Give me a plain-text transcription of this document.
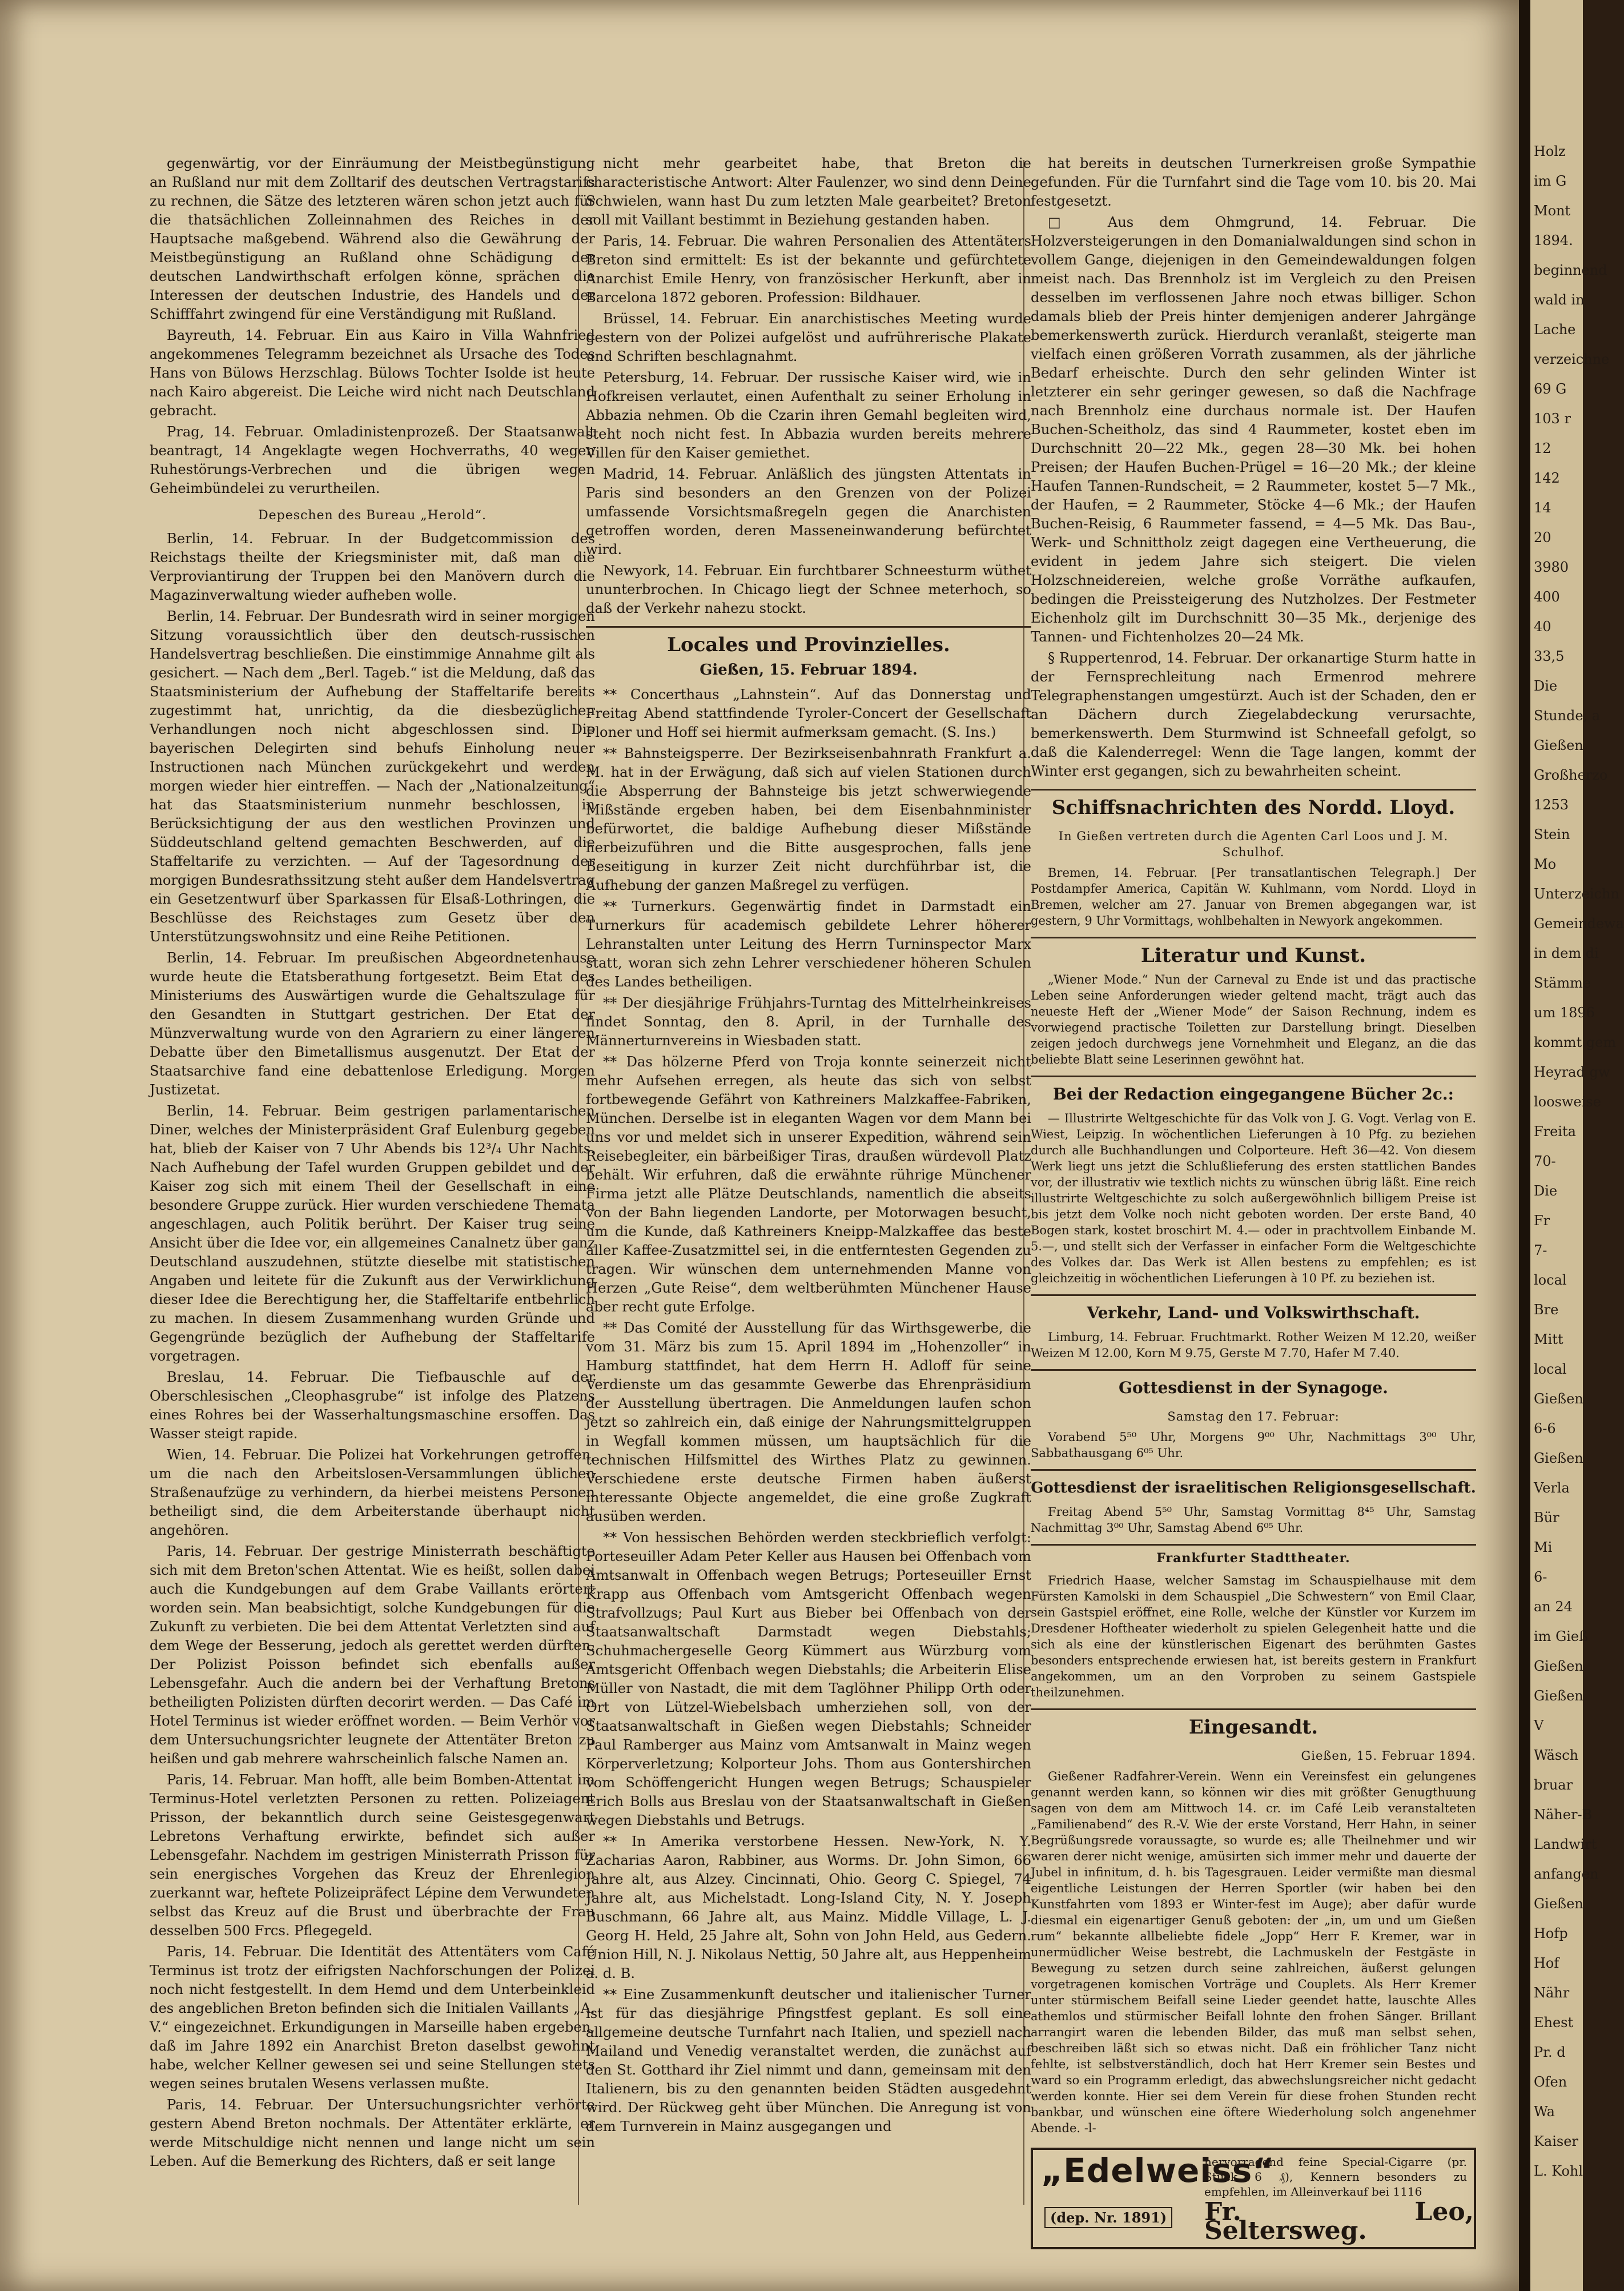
Holz
im G
Mont
1894.
beginnend
wald in
Lache
verzeichne
69 G
103 r
12
142
14
20
3980
400
40
33,5
Die
Stunde, a
Gießen
Großherzo
1253
Stein
Mo
Unterzeichn
Gemeindewa
in dem di
Stämme
um 1896
kommt gem
Heyrad gw
loosweise
Freita
70-
Die
Fr
7-
local
Bre
Mitt
local
Gießen
6-6
Gießen
Verla
Bür
Mi
6-
an 24
im Gieß
Gießen
Gießen
V
Wäsch
bruar
Näher-B
Landwirt
anfangen
Gießen
Hofp
Hof
Nähr
Ehest
Pr. d
Ofen
Wa
Kaiser
L. Kohl

gegenwärtig, vor der Einräumung der Meistbegünstigung an Rußland nur mit dem Zolltarif des deutschen Vertragstarifs zu rechnen, die Sätze des letzteren wären schon jetzt auch für die thatsächlichen Zolleinnahmen des Reiches in der Hauptsache maßgebend. Während also die Gewährung der Meistbegünstigung an Rußland ohne Schädigung der deutschen Landwirthschaft erfolgen könne, sprächen die Interessen der deutschen Industrie, des Handels und der Schifffahrt zwingend für eine Verständigung mit Rußland.

Bayreuth, 14. Februar. Ein aus Kairo in Villa Wahnfried angekommenes Telegramm bezeichnet als Ursache des Todes Hans von Bülows Herzschlag. Bülows Tochter Isolde ist heute nach Kairo abgereist. Die Leiche wird nicht nach Deutschland gebracht.

Prag, 14. Februar. Omladinistenprozeß. Der Staatsanwalt beantragt, 14 Angeklagte wegen Hochverraths, 40 wegen Ruhestörungs-Verbrechen und die übrigen wegen Geheimbündelei zu verurtheilen.

Depeschen des Bureau „Herold“.

Berlin, 14. Februar. In der Budgetcommission des Reichstags theilte der Kriegsminister mit, daß man die Verproviantirung der Truppen bei den Manövern durch die Magazinverwaltung wieder aufheben wolle.

Berlin, 14. Februar. Der Bundesrath wird in seiner morgigen Sitzung voraussichtlich über den deutsch-russischen Handelsvertrag beschließen. Die einstimmige Annahme gilt als gesichert. — Nach dem „Berl. Tageb.“ ist die Meldung, daß das Staatsministerium der Aufhebung der Staffeltarife bereits zugestimmt hat, unrichtig, da die diesbezüglichen Verhandlungen noch nicht abgeschlossen sind. Die bayerischen Delegirten sind behufs Einholung neuer Instructionen nach München zurückgekehrt und werden morgen wieder hier eintreffen. — Nach der „Nationalzeitung“ hat das Staatsministerium nunmehr beschlossen, in Berücksichtigung der aus den westlichen Provinzen und Süddeutschland geltend gemachten Beschwerden, auf die Staffeltarife zu verzichten. — Auf der Tagesordnung der morgigen Bundesrathssitzung steht außer dem Handelsvertrag ein Gesetzentwurf über Sparkassen für Elsaß-Lothringen, die Beschlüsse des Reichstages zum Gesetz über den Unterstützungswohnsitz und eine Reihe Petitionen.

Berlin, 14. Februar. Im preußischen Abgeordnetenhause wurde heute die Etatsberathung fortgesetzt. Beim Etat des Ministeriums des Auswärtigen wurde die Gehaltszulage für den Gesandten in Stuttgart gestrichen. Der Etat der Münzverwaltung wurde von den Agrariern zu einer längeren Debatte über den Bimetallismus ausgenutzt. Der Etat der Staatsarchive fand eine debattenlose Erledigung. Morgen Justizetat.

Berlin, 14. Februar. Beim gestrigen parlamentarischen Diner, welches der Ministerpräsident Graf Eulenburg gegeben hat, blieb der Kaiser von 7 Uhr Abends bis 12³/₄ Uhr Nachts. Nach Aufhebung der Tafel wurden Gruppen gebildet und der Kaiser zog sich mit einem Theil der Gesellschaft in eine besondere Gruppe zurück. Hier wurden verschiedene Themata angeschlagen, auch Politik berührt. Der Kaiser trug seine Ansicht über die Idee vor, ein allgemeines Canalnetz über ganz Deutschland auszudehnen, stützte dieselbe mit statistischen Angaben und leitete für die Zukunft aus der Verwirklichung dieser Idee die Berechtigung her, die Staffeltarife entbehrlich zu machen. In diesem Zusammenhang wurden Gründe und Gegengründe bezüglich der Aufhebung der Staffeltarife vorgetragen.

Breslau, 14. Februar. Die Tiefbauschle auf der Oberschlesischen „Cleophasgrube“ ist infolge des Platzens eines Rohres bei der Wasserhaltungsmaschine ersoffen. Das Wasser steigt rapide.

Wien, 14. Februar. Die Polizei hat Vorkehrungen getroffen, um die nach den Arbeitslosen-Versammlungen üblichen Straßenaufzüge zu verhindern, da hierbei meistens Personen betheiligt sind, die dem Arbeiterstande überhaupt nicht angehören.

Paris, 14. Februar. Der gestrige Ministerrath beschäftigte sich mit dem Breton'schen Attentat. Wie es heißt, sollen dabei auch die Kundgebungen auf dem Grabe Vaillants erörtert worden sein. Man beabsichtigt, solche Kundgebungen für die Zukunft zu verbieten. Die bei dem Attentat Verletzten sind auf dem Wege der Besserung, jedoch als gerettet werden dürften. Der Polizist Poisson befindet sich ebenfalls außer Lebensgefahr. Auch die andern bei der Verhaftung Bretons betheiligten Polizisten dürften decorirt werden. — Das Café im Hotel Terminus ist wieder eröffnet worden. — Beim Verhör vor dem Untersuchungsrichter leugnete der Attentäter Breton zu heißen und gab mehrere wahrscheinlich falsche Namen an.

Paris, 14. Februar. Man hofft, alle beim Bomben-Attentat im Terminus-Hotel verletzten Personen zu retten. Polizeiagent Prisson, der bekanntlich durch seine Geistesgegenwart Lebretons Verhaftung erwirkte, befindet sich außer Lebensgefahr. Nachdem im gestrigen Ministerrath Prisson für sein energisches Vorgehen das Kreuz der Ehrenlegion zuerkannt war, heftete Polizeipräfect Lépine dem Verwundeten selbst das Kreuz auf die Brust und überbrachte der Frau desselben 500 Frcs. Pflegegeld.

Paris, 14. Februar. Die Identität des Attentäters vom Café Terminus ist trotz der eifrigsten Nachforschungen der Polizei noch nicht festgestellt. In dem Hemd und dem Unterbeinkleid des angeblichen Breton befinden sich die Initialen Vaillants „A. V.“ eingezeichnet. Erkundigungen in Marseille haben ergeben, daß im Jahre 1892 ein Anarchist Breton daselbst gewohnt habe, welcher Kellner gewesen sei und seine Stellungen stets wegen seines brutalen Wesens verlassen mußte.

Paris, 14. Februar. Der Untersuchungsrichter verhörte gestern Abend Breton nochmals. Der Attentäter erklärte, er werde Mitschuldige nicht nennen und lange nicht um sein Leben. Auf die Bemerkung des Richters, daß er seit lange

nicht mehr gearbeitet habe, that Breton die characteristische Antwort: Alter Faulenzer, wo sind denn Deine Schwielen, wann hast Du zum letzten Male gearbeitet? Breton soll mit Vaillant bestimmt in Beziehung gestanden haben.

Paris, 14. Februar. Die wahren Personalien des Attentäters Breton sind ermittelt: Es ist der bekannte und gefürchtete Anarchist Emile Henry, von französischer Herkunft, aber in Barcelona 1872 geboren. Profession: Bildhauer.

Brüssel, 14. Februar. Ein anarchistisches Meeting wurde gestern von der Polizei aufgelöst und aufrührerische Plakate und Schriften beschlagnahmt.

Petersburg, 14. Februar. Der russische Kaiser wird, wie in Hofkreisen verlautet, einen Aufenthalt zu seiner Erholung in Abbazia nehmen. Ob die Czarin ihren Gemahl begleiten wird, steht noch nicht fest. In Abbazia wurden bereits mehrere Villen für den Kaiser gemiethet.

Madrid, 14. Februar. Anläßlich des jüngsten Attentats in Paris sind besonders an den Grenzen von der Polizei umfassende Vorsichtsmaßregeln gegen die Anarchisten getroffen worden, deren Masseneinwanderung befürchtet wird.

Newyork, 14. Februar. Ein furchtbarer Schneesturm wüthet ununterbrochen. In Chicago liegt der Schnee meterhoch, so daß der Verkehr nahezu stockt.

Locales und Provinzielles.
Gießen, 15. Februar 1894.

** Concerthaus „Lahnstein“. Auf das Donnerstag und Freitag Abend stattfindende Tyroler-Concert der Gesellschaft Ploner und Hoff sei hiermit aufmerksam gemacht. (S. Ins.)

** Bahnsteigsperre. Der Bezirkseisenbahnrath Frankfurt a. M. hat in der Erwägung, daß sich auf vielen Stationen durch die Absperrung der Bahnsteige bis jetzt schwerwiegende Mißstände ergeben haben, bei dem Eisenbahnminister befürwortet, die baldige Aufhebung dieser Mißstände herbeizuführen und die Bitte ausgesprochen, falls jene Beseitigung in kurzer Zeit nicht durchführbar ist, die Aufhebung der ganzen Maßregel zu verfügen.

** Turnerkurs. Gegenwärtig findet in Darmstadt ein Turnerkurs für academisch gebildete Lehrer höherer Lehranstalten unter Leitung des Herrn Turninspector Marx statt, woran sich zehn Lehrer verschiedener höheren Schulen des Landes betheiligen.

** Der diesjährige Frühjahrs-Turntag des Mittelrheinkreises findet Sonntag, den 8. April, in der Turnhalle des Männerturnvereins in Wiesbaden statt.

** Das hölzerne Pferd von Troja konnte seinerzeit nicht mehr Aufsehen erregen, als heute das sich von selbst fortbewegende Gefährt von Kathreiners Malzkaffee-Fabriken, München. Derselbe ist in eleganten Wagen vor dem Mann bei uns vor und meldet sich in unserer Expedition, während sein Reisebegleiter, ein bärbeißiger Tiras, draußen würdevoll Platz behält. Wir erfuhren, daß die erwähnte rührige Münchener Firma jetzt alle Plätze Deutschlands, namentlich die abseits von der Bahn liegenden Landorte, per Motorwagen besucht, um die Kunde, daß Kathreiners Kneipp-Malzkaffee das beste aller Kaffee-Zusatzmittel sei, in die entferntesten Gegenden zu tragen. Wir wünschen dem unternehmenden Manne von Herzen „Gute Reise“, dem weltberühmten Münchener Hause aber recht gute Erfolge.

** Das Comité der Ausstellung für das Wirthsgewerbe, die vom 31. März bis zum 15. April 1894 im „Hohenzoller“ in Hamburg stattfindet, hat dem Herrn H. Adloff für seine Verdienste um das gesammte Gewerbe das Ehrenpräsidium der Ausstellung übertragen. Die Anmeldungen laufen schon jetzt so zahlreich ein, daß einige der Nahrungsmittelgruppen in Wegfall kommen müssen, um hauptsächlich für die technischen Hilfsmittel des Wirthes Platz zu gewinnen. Verschiedene erste deutsche Firmen haben äußerst interessante Objecte angemeldet, die eine große Zugkraft ausüben werden.

** Von hessischen Behörden werden steckbrieflich verfolgt: Porteseuiller Adam Peter Keller aus Hausen bei Offenbach vom Amtsanwalt in Offenbach wegen Betrugs; Porteseuiller Ernst Krapp aus Offenbach vom Amtsgericht Offenbach wegen Strafvollzugs; Paul Kurt aus Bieber bei Offenbach von der Staatsanwaltschaft Darmstadt wegen Diebstahls; Schuhmachergeselle Georg Kümmert aus Würzburg vom Amtsgericht Offenbach wegen Diebstahls; die Arbeiterin Elise Müller von Nastadt, die mit dem Taglöhner Philipp Orth oder Ort von Lützel-Wiebelsbach umherziehen soll, von der Staatsanwaltschaft in Gießen wegen Diebstahls; Schneider Paul Ramberger aus Mainz vom Amtsanwalt in Mainz wegen Körperverletzung; Kolporteur Johs. Thom aus Gontershirchen vom Schöffengericht Hungen wegen Betrugs; Schauspieler Erich Bolls aus Breslau von der Staatsanwaltschaft in Gießen wegen Diebstahls und Betrugs.

** In Amerika verstorbene Hessen. New-York, N. Y. Zacharias Aaron, Rabbiner, aus Worms. Dr. John Simon, 66 Jahre alt, aus Alzey. Cincinnati, Ohio. Georg C. Spiegel, 74 Jahre alt, aus Michelstadt. Long-Island City, N. Y. Joseph Buschmann, 66 Jahre alt, aus Mainz. Middle Village, L. J. Georg H. Held, 25 Jahre alt, Sohn von John Held, aus Gedern. Union Hill, N. J. Nikolaus Nettig, 50 Jahre alt, aus Heppenheim a. d. B.

** Eine Zusammenkunft deutscher und italienischer Turner ist für das diesjährige Pfingstfest geplant. Es soll eine allgemeine deutsche Turnfahrt nach Italien, und speziell nach Mailand und Venedig veranstaltet werden, die zunächst auf den St. Gotthard ihr Ziel nimmt und dann, gemeinsam mit den Italienern, bis zu den genannten beiden Städten ausgedehnt wird. Der Rückweg geht über München. Die Anregung ist von dem Turnverein in Mainz ausgegangen und

hat bereits in deutschen Turnerkreisen große Sympathie gefunden. Für die Turnfahrt sind die Tage vom 10. bis 20. Mai festgesetzt.

□ Aus dem Ohmgrund, 14. Februar. Die Holzversteigerungen in den Domanialwaldungen sind schon in vollem Gange, diejenigen in den Gemeindewaldungen folgen meist nach. Das Brennholz ist im Vergleich zu den Preisen desselben im verflossenen Jahre noch etwas billiger. Schon damals blieb der Preis hinter demjenigen anderer Jahrgänge bemerkenswerth zurück. Hierdurch veranlaßt, steigerte man vielfach einen größeren Vorrath zusammen, als der jährliche Bedarf erheischte. Durch den sehr gelinden Winter ist letzterer ein sehr geringer gewesen, so daß die Nachfrage nach Brennholz eine durchaus normale ist. Der Haufen Buchen-Scheitholz, das sind 4 Raummeter, kostet eben im Durchschnitt 20—22 Mk., gegen 28—30 Mk. bei hohen Preisen; der Haufen Buchen-Prügel = 16—20 Mk.; der kleine Haufen Tannen-Rundscheit, = 2 Raummeter, kostet 5—7 Mk., der Haufen, = 2 Raummeter, Stöcke 4—6 Mk.; der Haufen Buchen-Reisig, 6 Raummeter fassend, = 4—5 Mk. Das Bau-, Werk- und Schnittholz zeigt dagegen eine Vertheuerung, die evident in jedem Jahre sich steigert. Die vielen Holzschneidereien, welche große Vorräthe aufkaufen, bedingen die Preissteigerung des Nutzholzes. Der Festmeter Eichenholz gilt im Durchschnitt 30—35 Mk., derjenige des Tannen- und Fichtenholzes 20—24 Mk.

§ Ruppertenrod, 14. Februar. Der orkanartige Sturm hatte in der Fernsprechleitung nach Ermenrod mehrere Telegraphenstangen umgestürzt. Auch ist der Schaden, den er an Dächern durch Ziegelabdeckung verursachte, bemerkenswerth. Dem Sturmwind ist Schneefall gefolgt, so daß die Kalenderregel: Wenn die Tage langen, kommt der Winter erst gegangen, sich zu bewahrheiten scheint.

Schiffsnachrichten des Nordd. Lloyd.
In Gießen vertreten durch die Agenten Carl Loos und J. M. Schulhof.

Bremen, 14. Februar. [Per transatlantischen Telegraph.] Der Postdampfer America, Capitän W. Kuhlmann, vom Nordd. Lloyd in Bremen, welcher am 27. Januar von Bremen abgegangen war, ist gestern, 9 Uhr Vormittags, wohlbehalten in Newyork angekommen.

Literatur und Kunst.

„Wiener Mode.“ Nun der Carneval zu Ende ist und das practische Leben seine Anforderungen wieder geltend macht, trägt auch das neueste Heft der „Wiener Mode“ der Saison Rechnung, indem es vorwiegend practische Toiletten zur Darstellung bringt. Dieselben zeigen jedoch durchwegs jene Vornehmheit und Eleganz, an die das beliebte Blatt seine Leserinnen gewöhnt hat.

Bei der Redaction eingegangene Bücher 2c.:

— Illustrirte Weltgeschichte für das Volk von J. G. Vogt. Verlag von E. Wiest, Leipzig. In wöchentlichen Lieferungen à 10 Pfg. zu beziehen durch alle Buchhandlungen und Colporteure. Heft 36—42. Von diesem Werk liegt uns jetzt die Schlußlieferung des ersten stattlichen Bandes vor, der illustrativ wie textlich nichts zu wünschen übrig läßt. Eine reich illustrirte Weltgeschichte zu solch außergewöhnlich billigem Preise ist bis jetzt dem Volke noch nicht geboten worden. Der erste Band, 40 Bogen stark, kostet broschirt M. 4.— oder in prachtvollem Einbande M. 5.—, und stellt sich der Verfasser in einfacher Form die Weltgeschichte des Volkes dar. Das Werk ist Allen bestens zu empfehlen; es ist gleichzeitig in wöchentlichen Lieferungen à 10 Pf. zu beziehen ist.

Verkehr, Land- und Volkswirthschaft.

Limburg, 14. Februar. Fruchtmarkt. Rother Weizen M 12.20, weißer Weizen M 12.00, Korn M 9.75, Gerste M 7.70, Hafer M 7.40.

Gottesdienst in der Synagoge.
Samstag den 17. Februar:

Vorabend 5⁵⁰ Uhr, Morgens 9⁰⁰ Uhr, Nachmittags 3⁰⁰ Uhr, Sabbathausgang 6⁰⁵ Uhr.

Gottesdienst der israelitischen Religionsgesellschaft.

Freitag Abend 5⁵⁰ Uhr, Samstag Vormittag 8⁴⁵ Uhr, Samstag Nachmittag 3⁰⁰ Uhr, Samstag Abend 6⁰⁵ Uhr.

Frankfurter Stadttheater.

Friedrich Haase, welcher Samstag im Schauspielhause mit dem Fürsten Kamolski in dem Schauspiel „Die Schwestern“ von Emil Claar, sein Gastspiel eröffnet, eine Rolle, welche der Künstler vor Kurzem im Dresdener Hoftheater wiederholt zu spielen Gelegenheit hatte und die sich als eine der künstlerischen Eigenart des berühmten Gastes besonders entsprechende erwiesen hat, ist bereits gestern in Frankfurt angekommen, um an den Vorproben zu seinem Gastspiele theilzunehmen.

Eingesandt.
Gießen, 15. Februar 1894.

Gießener Radfahrer-Verein. Wenn ein Vereinsfest ein gelungenes genannt werden kann, so können wir dies mit größter Genugthuung sagen von dem am Mittwoch 14. cr. im Café Leib veranstalteten „Familienabend“ des R.-V. Wie der erste Vorstand, Herr Hahn, in seiner Begrüßungsrede voraussagte, so wurde es; alle Theilnehmer und wir waren derer nicht wenige, amüsirten sich immer mehr und dauerte der Jubel in infinitum, d. h. bis Tagesgrauen. Leider vermißte man diesmal eigentliche Leistungen der Herren Sportler (wir haben bei den Kunstfahrten vom 1893 er Winter-fest im Auge); aber dafür wurde diesmal ein eigenartiger Genuß geboten: der „in, um und um Gießen rum“ bekannte allbeliebte fidele „Jopp“ Herr F. Kremer, war in unermüdlicher Weise bestrebt, die Lachmuskeln der Festgäste in Bewegung zu setzen durch seine zahlreichen, äußerst gelungen vorgetragenen komischen Vorträge und Couplets. Als Herr Kremer unter stürmischem Beifall seine Lieder geendet hatte, lauschte Alles athemlos und stürmischer Beifall lohnte den frohen Sänger. Brillant arrangirt waren die lebenden Bilder, das muß man selbst sehen, beschreiben läßt sich so etwas nicht. Daß ein fröhlicher Tanz nicht fehlte, ist selbstverständlich, doch hat Herr Kremer sein Bestes und ward so ein Programm erledigt, das abwechslungsreicher nicht gedacht werden konnte. Hier sei dem Verein für diese frohen Stunden recht bankbar, und wünschen eine öftere Wiederholung solch angenehmer Abende. -l-

„Edelweiss“
(dep. Nr. 1891)
hervorragend feine Special-Cigarre (pr. Stück 6 ₰), Kennern besonders zu empfehlen, im Alleinverkauf bei 1116
Fr. Leo, Seltersweg.
